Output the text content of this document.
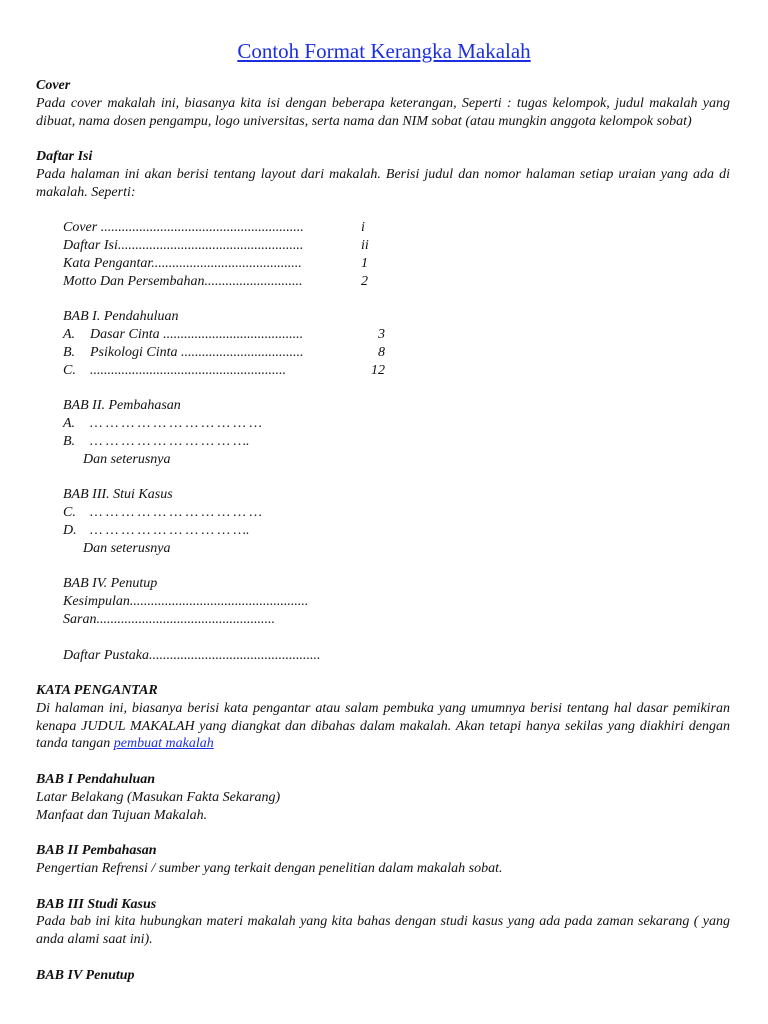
Contoh Format Kerangka Makalah
Cover
Pada cover makalah ini, biasanya kita isi dengan beberapa keterangan, Seperti : tugas kelompok, judul makalah yang dibuat, nama dosen pengampu, logo universitas, serta nama dan NIM sobat (atau mungkin anggota kelompok sobat)
Daftar Isi
Pada halaman ini akan berisi tentang layout dari makalah. Berisi judul dan nomor halaman setiap uraian yang ada di makalah. Seperti:
Cover ..........................................................	i
Daftar Isi.....................................................	ii
Kata Pengantar...........................................	1
Motto Dan Persembahan............................	2
BAB I. Pendahuluan
A.	Dasar Cinta ........................................	3
B.	Psikologi Cinta ...................................	8
C.	........................................................	12
BAB II. Pembahasan
A.	… … … … … … … … … … …
B.	… … … … … … … … … ….
Dan seterusnya
BAB III. Stui Kasus
C.	… … … … … … … … … … …
D. … … … … … … … … … ….
Dan seterusnya
BAB IV. Penutup
Kesimpulan...................................................
Saran...................................................
Daftar Pustaka.................................................
KATA PENGANTAR
Di halaman ini, biasanya berisi kata pengantar atau salam pembuka yang umumnya berisi tentang hal dasar pemikiran kenapa JUDUL MAKALAH yang diangkat dan dibahas dalam makalah. Akan tetapi hanya sekilas yang diakhiri dengan tanda tangan pembuat makalah
BAB I Pendahuluan
Latar Belakang (Masukan Fakta Sekarang)
Manfaat dan Tujuan Makalah.
BAB II Pembahasan
Pengertian Refrensi / sumber yang terkait dengan penelitian dalam makalah sobat.
BAB III Studi Kasus
Pada bab ini kita hubungkan materi makalah yang kita bahas dengan studi kasus yang ada pada zaman sekarang ( yang anda alami saat ini).
BAB IV Penutup
